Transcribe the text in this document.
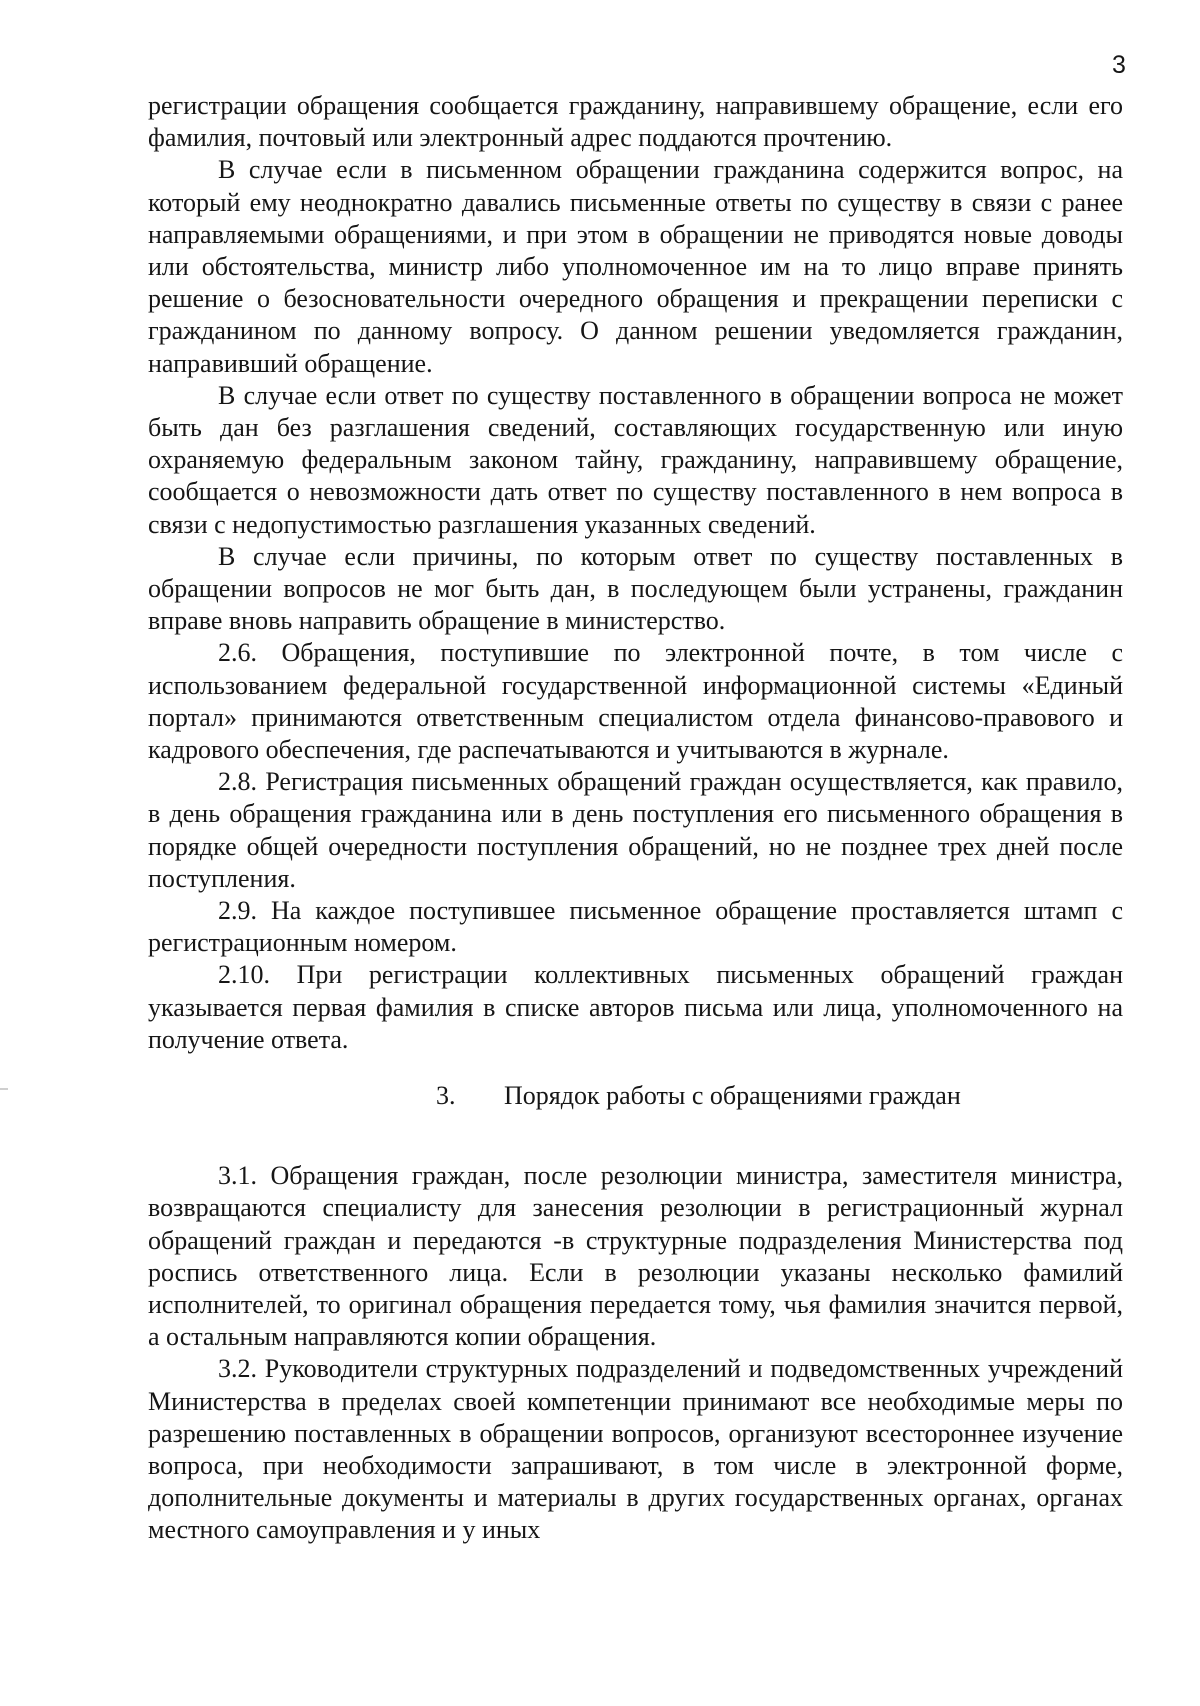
3

регистрации обращения сообщается гражданину, направившему обращение, если его фамилия, почтовый или электронный адрес поддаются прочтению.

В случае если в письменном обращении гражданина содержится вопрос, на который ему неоднократно давались письменные ответы по существу в связи с ранее направляемыми обращениями, и при этом в обращении не приводятся новые доводы или обстоятельства, министр либо уполномоченное им на то лицо вправе принять решение о безосновательности очередного обращения и прекращении переписки с гражданином по данному вопросу. О данном решении уведомляется гражданин, направивший обращение.

В случае если ответ по существу поставленного в обращении вопроса не может быть дан без разглашения сведений, составляющих государственную или иную охраняемую федеральным законом тайну, гражданину, направившему обращение, сообщается о невозможности дать ответ по существу поставленного в нем вопроса в связи с недопустимостью разглашения указанных сведений.

В случае если причины, по которым ответ по существу поставленных в обращении вопросов не мог быть дан, в последующем были устранены, гражданин вправе вновь направить обращение в министерство.

2.6. Обращения, поступившие по электронной почте, в том числе с использованием федеральной государственной информационной системы «Единый портал» принимаются ответственным специалистом отдела финансово-правового и кадрового обеспечения, где распечатываются и учитываются в журнале.

2.8. Регистрация письменных обращений граждан осуществляется, как правило, в день обращения гражданина или в день поступления его письменного обращения в порядке общей очередности поступления обращений, но не позднее трех дней после поступления.

2.9. На каждое поступившее письменное обращение проставляется штамп с регистрационным номером.

2.10. При регистрации коллективных письменных обращений граждан указывается первая фамилия в списке авторов письма или лица, уполномоченного на получение ответа.

3. Порядок работы с обращениями граждан

3.1. Обращения граждан, после резолюции министра, заместителя министра, возвращаются специалисту для занесения резолюции в регистрационный журнал обращений граждан и передаются -в структурные подразделения Министерства под роспись ответственного лица. Если в резолюции указаны несколько фамилий исполнителей, то оригинал обращения передается тому, чья фамилия значится первой, а остальным направляются копии обращения.

3.2. Руководители структурных подразделений и подведомственных учреждений Министерства в пределах своей компетенции принимают все необходимые меры по разрешению поставленных в обращении вопросов, организуют всестороннее изучение вопроса, при необходимости запрашивают, в том числе в электронной форме, дополнительные документы и материалы в других государственных органах, органах местного самоуправления и у иных
